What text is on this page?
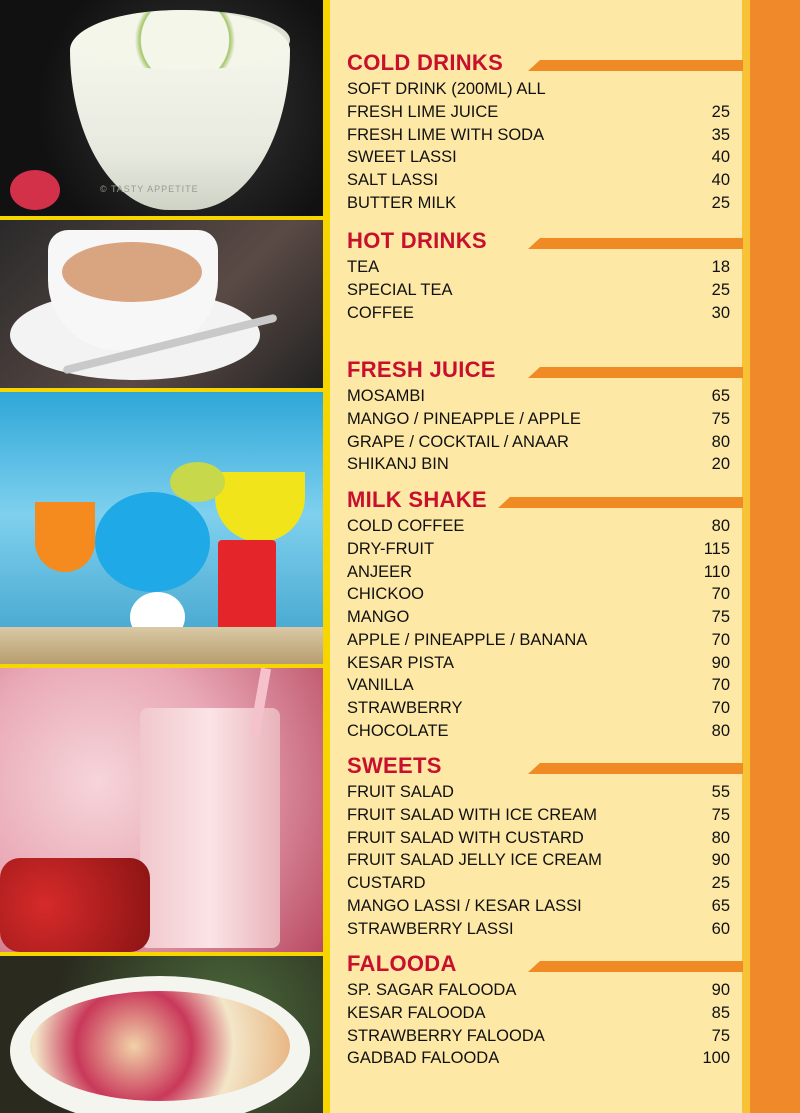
© TASTY APPETITE
COLD DRINKS
SOFT DRINK (200ML) ALL
FRESH LIME JUICE	25
FRESH LIME WITH SODA	35
SWEET LASSI	40
SALT LASSI	40
BUTTER MILK	25
HOT DRINKS
TEA	18
SPECIAL TEA	25
COFFEE	30
FRESH JUICE
MOSAMBI	65
MANGO / PINEAPPLE / APPLE	75
GRAPE / COCKTAIL / ANAAR	80
SHIKANJ BIN	20
MILK SHAKE
COLD COFFEE	80
DRY-FRUIT	115
ANJEER	110
CHICKOO	70
MANGO	75
APPLE / PINEAPPLE / BANANA	70
KESAR PISTA	90
VANILLA	70
STRAWBERRY	70
CHOCOLATE	80
SWEETS
FRUIT SALAD	55
FRUIT SALAD WITH ICE CREAM	75
FRUIT SALAD WITH CUSTARD	80
FRUIT SALAD JELLY ICE CREAM	90
CUSTARD	25
MANGO LASSI / KESAR LASSI	65
STRAWBERRY LASSI	60
FALOODA
SP. SAGAR FALOODA	90
KESAR FALOODA	85
STRAWBERRY FALOODA	75
GADBAD FALOODA	100
